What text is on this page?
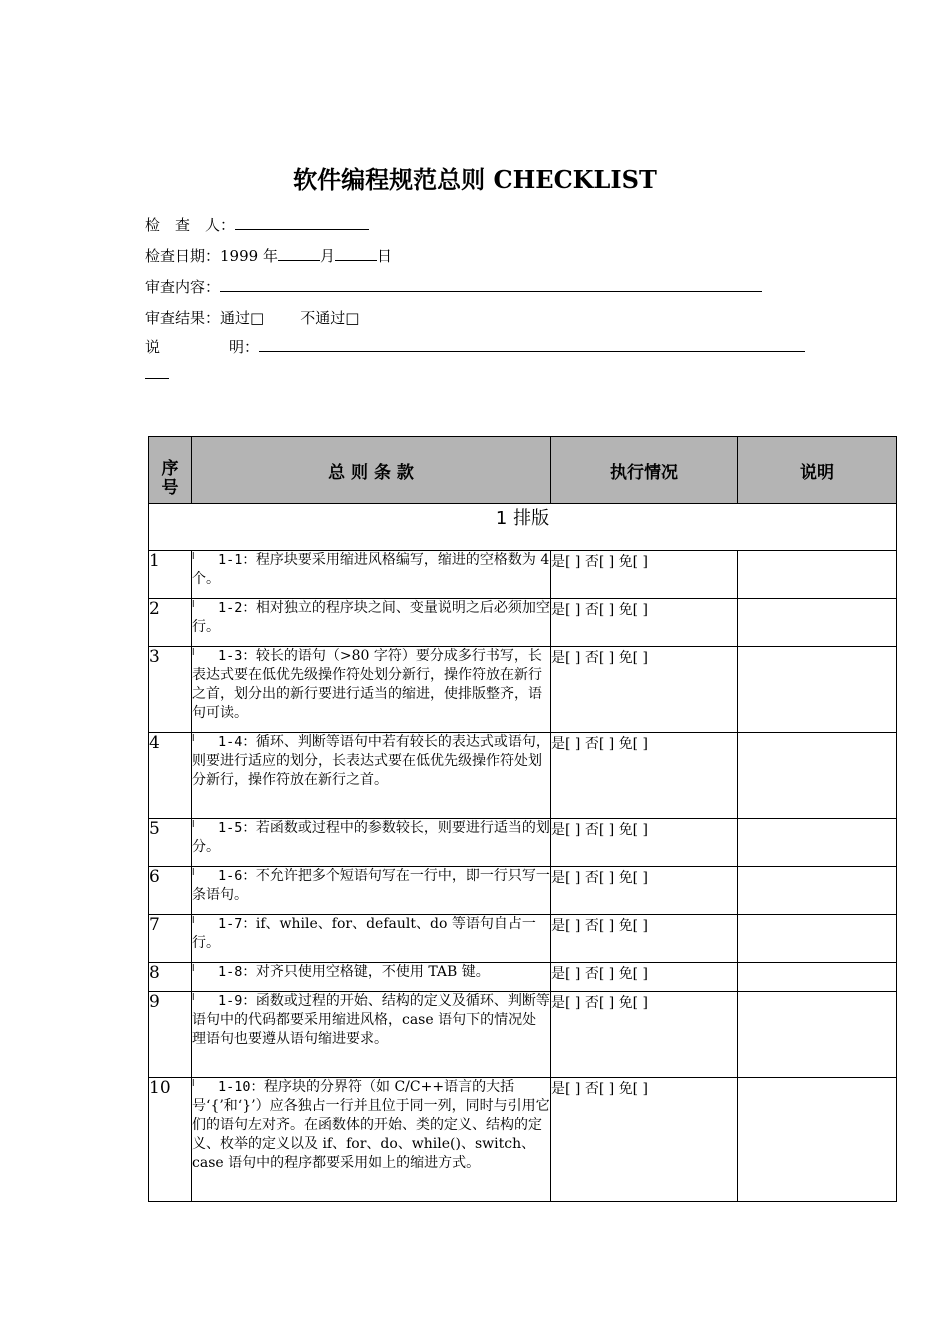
软件编程规范总则 CHECKLIST
检　查　人：
检查日期：1999 年	月	日
审查内容：
审查结果：通过□ 不通过□
说	明：
序
号	总 则 条 款	执行情况	说明
1 排版			
1	l 1-1：程序块要采用缩进风格编写，缩进的空格数为 4 个。	是[ ] 否[ ] 免[ ]	
2	l 1-2：相对独立的程序块之间、变量说明之后必须加空行。	是[ ] 否[ ] 免[ ]	
3	l 1-3：较长的语句（>80 字符）要分成多行书写，长表达式要在低优先级操作符处划分新行，操作符放在新行之首，划分出的新行要进行适当的缩进，使排版整齐，语句可读。	是[ ] 否[ ] 免[ ]	
4	l 1-4：循环、判断等语句中若有较长的表达式或语句，则要进行适应的划分，长表达式要在低优先级操作符处划分新行，操作符放在新行之首。	是[ ] 否[ ] 免[ ]	
5	l 1-5：若函数或过程中的参数较长，则要进行适当的划分。	是[ ] 否[ ] 免[ ]	
6	l 1-6：不允许把多个短语句写在一行中，即一行只写一条语句。	是[ ] 否[ ] 免[ ]	
7	l 1-7：if、while、for、default、do 等语句自占一行。	是[ ] 否[ ] 免[ ]	
8	l 1-8：对齐只使用空格键，不使用 TAB 键。	是[ ] 否[ ] 免[ ]	
9	l 1-9：函数或过程的开始、结构的定义及循环、判断等语句中的代码都要采用缩进风格，case 语句下的情况处理语句也要遵从语句缩进要求。	是[ ] 否[ ] 免[ ]	
10	l 1-10：程序块的分界符（如 C/C++语言的大括号‘{’和‘}’）应各独占一行并且位于同一列，同时与引用它们的语句左对齐。在函数体的开始、类的定义、结构的定义、枚举的定义以及 if、for、do、while()、switch、case 语句中的程序都要采用如上的缩进方式。	是[ ] 否[ ] 免[ ]	
